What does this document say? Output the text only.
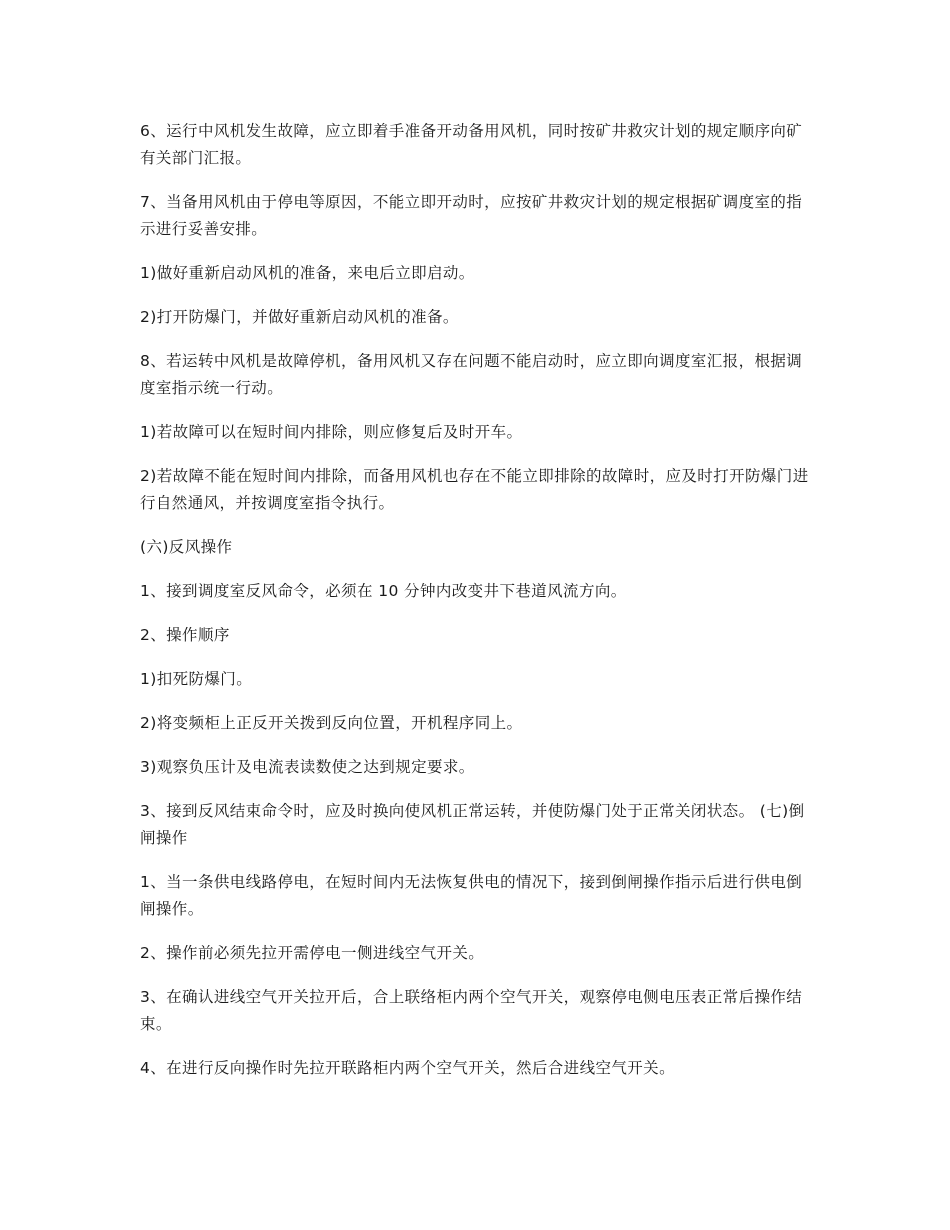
6、运行中风机发生故障，应立即着手准备开动备用风机，同时按矿井救灾计划的规定顺序向矿有关部门汇报。

7、当备用风机由于停电等原因，不能立即开动时，应按矿井救灾计划的规定根据矿调度室的指示进行妥善安排。

1)做好重新启动风机的准备，来电后立即启动。

2)打开防爆门，并做好重新启动风机的准备。

8、若运转中风机是故障停机，备用风机又存在问题不能启动时，应立即向调度室汇报，根据调度室指示统一行动。

1)若故障可以在短时间内排除，则应修复后及时开车。

2)若故障不能在短时间内排除，而备用风机也存在不能立即排除的故障时，应及时打开防爆门进行自然通风，并按调度室指令执行。

(六)反风操作

1、接到调度室反风命令，必须在 10 分钟内改变井下巷道风流方向。

2、操作顺序

1)扣死防爆门。

2)将变频柜上正反开关拨到反向位置，开机程序同上。

3)观察负压计及电流表读数使之达到规定要求。

3、接到反风结束命令时，应及时换向使风机正常运转，并使防爆门处于正常关闭状态。 (七)倒闸操作

1、当一条供电线路停电，在短时间内无法恢复供电的情况下，接到倒闸操作指示后进行供电倒闸操作。

2、操作前必须先拉开需停电一侧进线空气开关。

3、在确认进线空气开关拉开后，合上联络柜内两个空气开关，观察停电侧电压表正常后操作结束。

4、在进行反向操作时先拉开联路柜内两个空气开关，然后合进线空气开关。
